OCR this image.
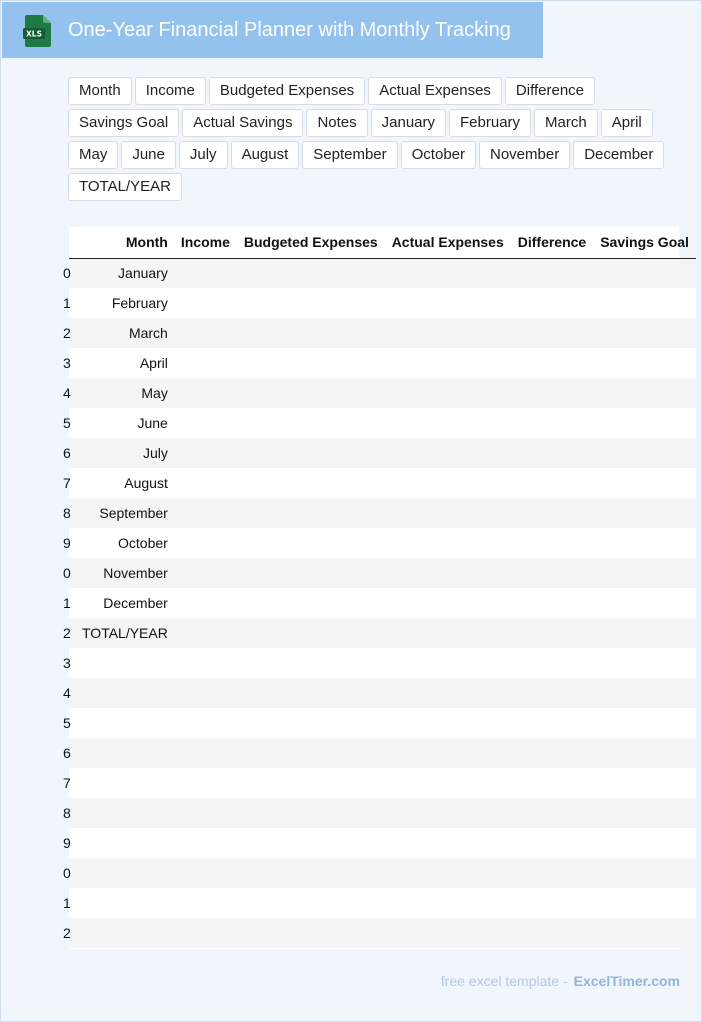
XLS One-Year Financial Planner with Monthly Tracking
Month	Income	Budgeted Expenses	Actual Expenses	Difference
Savings Goal	Actual Savings	Notes	January	February	March	April
May	June	July	August	September	October	November	December
TOTAL/YEAR
	Month	Income	Budgeted Expenses	Actual Expenses	Difference	Savings Goal
0	January					
1	February					
2	March					
3	April					
4	May					
5	June					
6	July					
7	August					
8	September					
9	October					
0	November					
1	December					
2	TOTAL/YEAR					
3						
4						
5						
6						
7						
8						
9						
0						
1						
2						
free excel template - ExcelTimer.com
